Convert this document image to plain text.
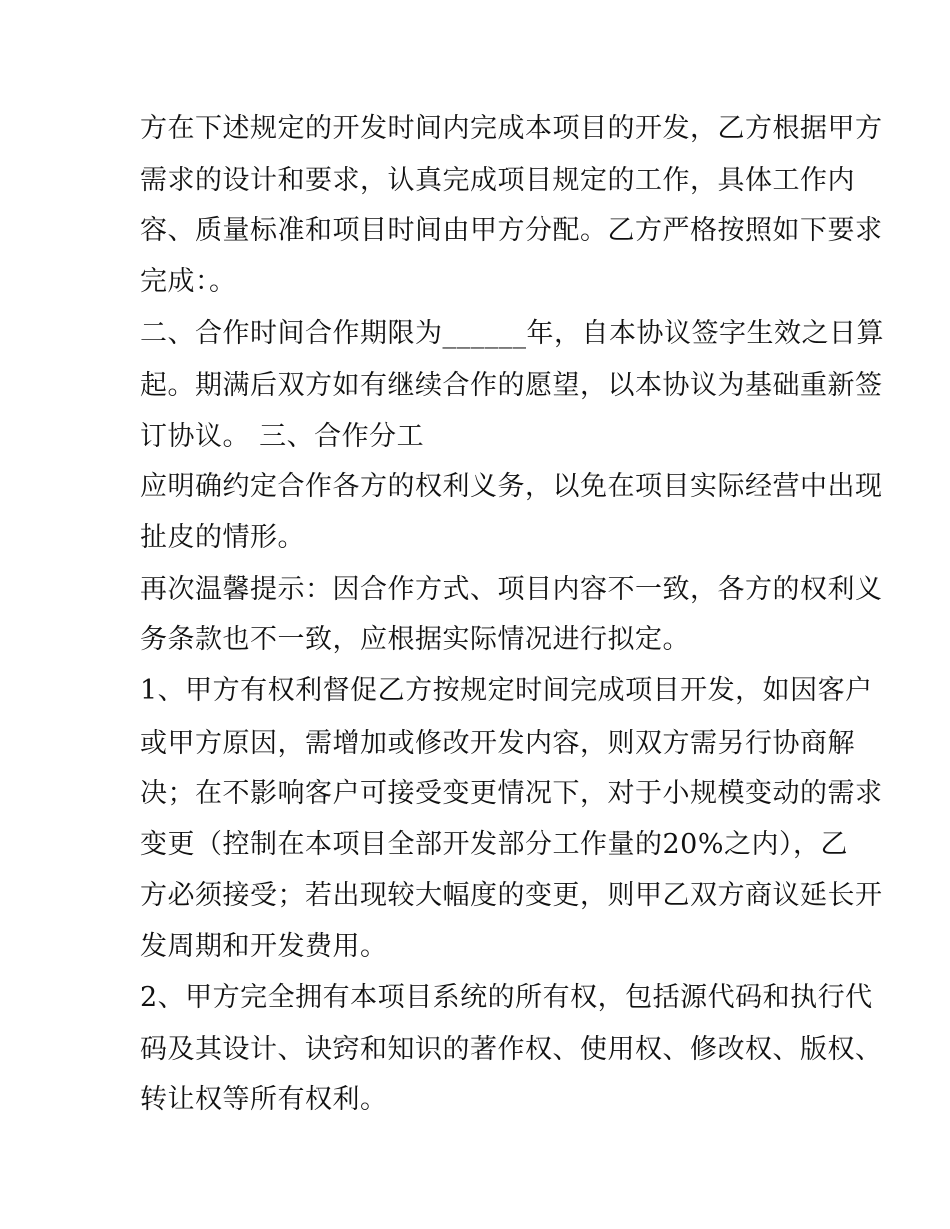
方在下述规定的开发时间内完成本项目的开发，乙方根据甲方
需求的设计和要求，认真完成项目规定的工作，具体工作内
容、质量标准和项目时间由甲方分配。乙方严格按照如下要求
完成：。
二、合作时间合作期限为______年，自本协议签字生效之日算
起。期满后双方如有继续合作的愿望，以本协议为基础重新签
订协议。 三、合作分工
应明确约定合作各方的权利义务，以免在项目实际经营中出现
扯皮的情形。
再次温馨提示：因合作方式、项目内容不一致，各方的权利义
务条款也不一致，应根据实际情况进行拟定。
1、甲方有权利督促乙方按规定时间完成项目开发，如因客户
或甲方原因，需增加或修改开发内容，则双方需另行协商解
决；在不影响客户可接受变更情况下，对于小规模变动的需求
变更（控制在本项目全部开发部分工作量的20%之内），乙
方必须接受；若出现较大幅度的变更，则甲乙双方商议延长开
发周期和开发费用。
2、甲方完全拥有本项目系统的所有权，包括源代码和执行代
码及其设计、诀窍和知识的著作权、使用权、修改权、版权、
转让权等所有权利。
